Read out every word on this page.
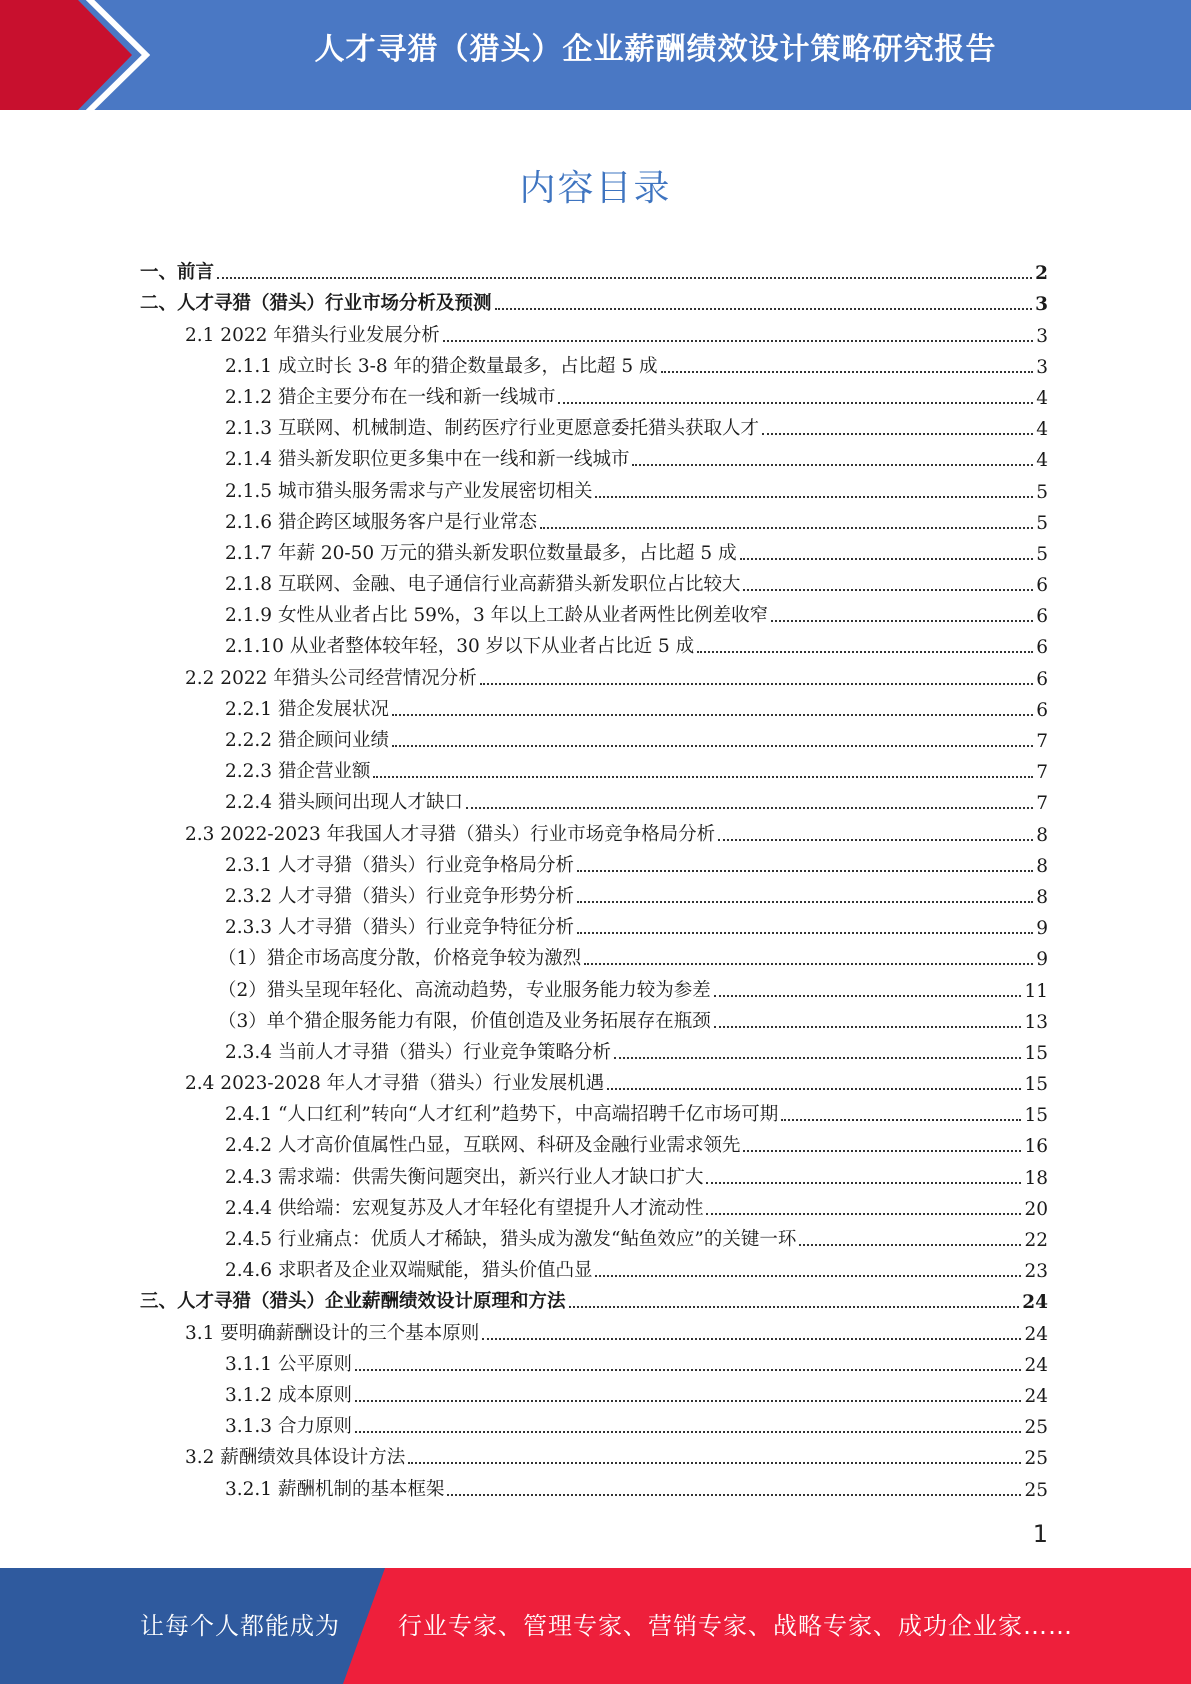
人才寻猎（猎头）企业薪酬绩效设计策略研究报告
内容目录
一、前言	2
二、人才寻猎（猎头）行业市场分析及预测	3
2.1 2022 年猎头行业发展分析	3
2.1.1 成立时长 3-8 年的猎企数量最多，占比超 5 成	3
2.1.2 猎企主要分布在一线和新一线城市	4
2.1.3 互联网、机械制造、制药医疗行业更愿意委托猎头获取人才	4
2.1.4 猎头新发职位更多集中在一线和新一线城市	4
2.1.5 城市猎头服务需求与产业发展密切相关	5
2.1.6 猎企跨区域服务客户是行业常态	5
2.1.7 年薪 20-50 万元的猎头新发职位数量最多，占比超 5 成	5
2.1.8 互联网、金融、电子通信行业高薪猎头新发职位占比较大	6
2.1.9 女性从业者占比 59%，3 年以上工龄从业者两性比例差收窄	6
2.1.10 从业者整体较年轻，30 岁以下从业者占比近 5 成	6
2.2 2022 年猎头公司经营情况分析	6
2.2.1 猎企发展状况	6
2.2.2 猎企顾问业绩	7
2.2.3 猎企营业额	7
2.2.4 猎头顾问出现人才缺口	7
2.3 2022-2023 年我国人才寻猎（猎头）行业市场竞争格局分析	8
2.3.1 人才寻猎（猎头）行业竞争格局分析	8
2.3.2 人才寻猎（猎头）行业竞争形势分析	8
2.3.3 人才寻猎（猎头）行业竞争特征分析	9
（1）猎企市场高度分散，价格竞争较为激烈	9
（2）猎头呈现年轻化、高流动趋势，专业服务能力较为参差	11
（3）单个猎企服务能力有限，价值创造及业务拓展存在瓶颈	13
2.3.4 当前人才寻猎（猎头）行业竞争策略分析	15
2.4 2023-2028 年人才寻猎（猎头）行业发展机遇	15
2.4.1 “人口红利”转向“人才红利”趋势下，中高端招聘千亿市场可期	15
2.4.2 人才高价值属性凸显，互联网、科研及金融行业需求领先	16
2.4.3 需求端：供需失衡问题突出，新兴行业人才缺口扩大	18
2.4.4 供给端：宏观复苏及人才年轻化有望提升人才流动性	20
2.4.5 行业痛点：优质人才稀缺，猎头成为激发“鲇鱼效应”的关键一环	22
2.4.6 求职者及企业双端赋能，猎头价值凸显	23
三、人才寻猎（猎头）企业薪酬绩效设计原理和方法	24
3.1 要明确薪酬设计的三个基本原则	24
3.1.1 公平原则	24
3.1.2 成本原则	24
3.1.3 合力原则	25
3.2 薪酬绩效具体设计方法	25
3.2.1 薪酬机制的基本框架	25
1
让每个人都能成为 行业专家、管理专家、营销专家、战略专家、成功企业家……
